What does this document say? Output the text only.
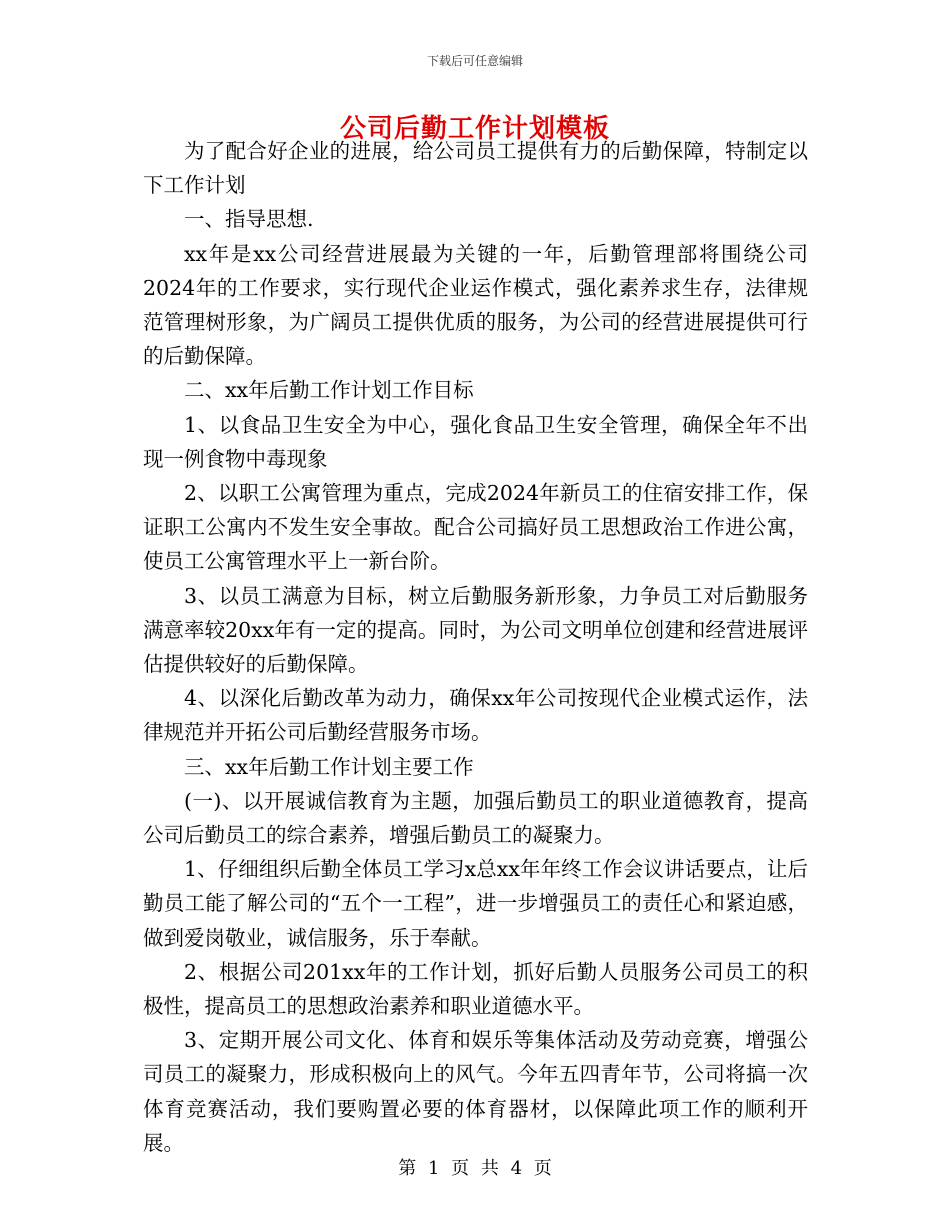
下载后可任意编辑
公司后勤工作计划模板

为了配合好企业的进展，给公司员工提供有力的后勤保障，特制定以下工作计划

一、指导思想.

xx年是xx公司经营进展最为关键的一年，后勤管理部将围绕公司2024年的工作要求，实行现代企业运作模式，强化素养求生存，法律规范管理树形象，为广阔员工提供优质的服务，为公司的经营进展提供可行的后勤保障。

二、xx年后勤工作计划工作目标

1、以食品卫生安全为中心，强化食品卫生安全管理，确保全年不出现一例食物中毒现象

2、以职工公寓管理为重点，完成2024年新员工的住宿安排工作，保证职工公寓内不发生安全事故。配合公司搞好员工思想政治工作进公寓，使员工公寓管理水平上一新台阶。

3、以员工满意为目标，树立后勤服务新形象，力争员工对后勤服务满意率较20xx年有一定的提高。同时，为公司文明单位创建和经营进展评估提供较好的后勤保障。

4、以深化后勤改革为动力，确保xx年公司按现代企业模式运作，法律规范并开拓公司后勤经营服务市场。

三、xx年后勤工作计划主要工作

(一)、以开展诚信教育为主题，加强后勤员工的职业道德教育，提高公司后勤员工的综合素养，增强后勤员工的凝聚力。

1、仔细组织后勤全体员工学习x总xx年年终工作会议讲话要点，让后勤员工能了解公司的“五个一工程”，进一步增强员工的责任心和紧迫感，做到爱岗敬业，诚信服务，乐于奉献。

2、根据公司201xx年的工作计划，抓好后勤人员服务公司员工的积极性，提高员工的思想政治素养和职业道德水平。

3、定期开展公司文化、体育和娱乐等集体活动及劳动竞赛，增强公司员工的凝聚力，形成积极向上的风气。今年五四青年节，公司将搞一次体育竞赛活动，我们要购置必要的体育器材，以保障此项工作的顺利开展。

第 1 页 共 4 页
